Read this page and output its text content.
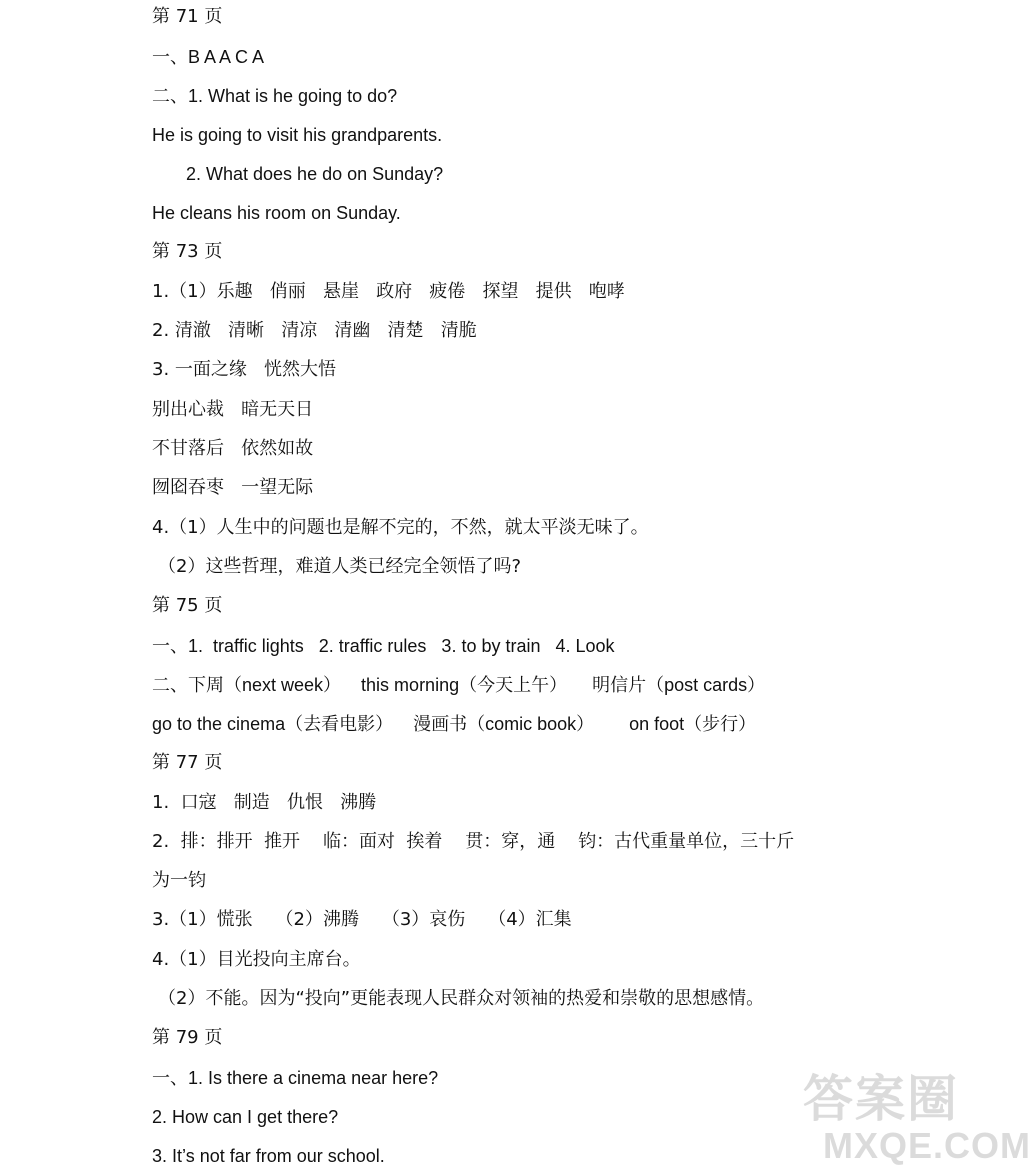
第 71 页
一、B A A C A
二、1. What is he going to do?
He is going to visit his grandparents.
2. What does he do on Sunday?
He cleans his room on Sunday.
第 73 页
1.（1）乐趣   俏丽   悬崖   政府   疲倦   探望   提供   咆哮
2. 清澈   清晰   清凉   清幽   清楚   清脆
3. 一面之缘   恍然大悟
别出心裁   暗无天日
不甘落后   依然如故
囫囵吞枣   一望无际
4.（1）人生中的问题也是解不完的，不然，就太平淡无味了。
（2）这些哲理，难道人类已经完全领悟了吗?
第 75 页
一、1.  traffic lights   2. traffic rules   3. to by train   4. Look
二、下周（next week）    this morning（今天上午）     明信片（post cards）
go to the cinema（去看电影）    漫画书（comic book）       on foot（步行）
第 77 页
1.  口寇   制造   仇恨   沸腾
2.  排：排开  推开    临：面对  挨着    贯：穿，通    钧：古代重量单位，三十斤
为一钧
3.（1）慌张    （2）沸腾    （3）哀伤    （4）汇集
4.（1）目光投向主席台。
（2）不能。因为“投向”更能表现人民群众对领袖的热爱和崇敬的思想感情。
第 79 页
一、1. Is there a cinema near here?
2. How can I get there?
3. It’s not far from our school.
答案圈
MXQE.COM
